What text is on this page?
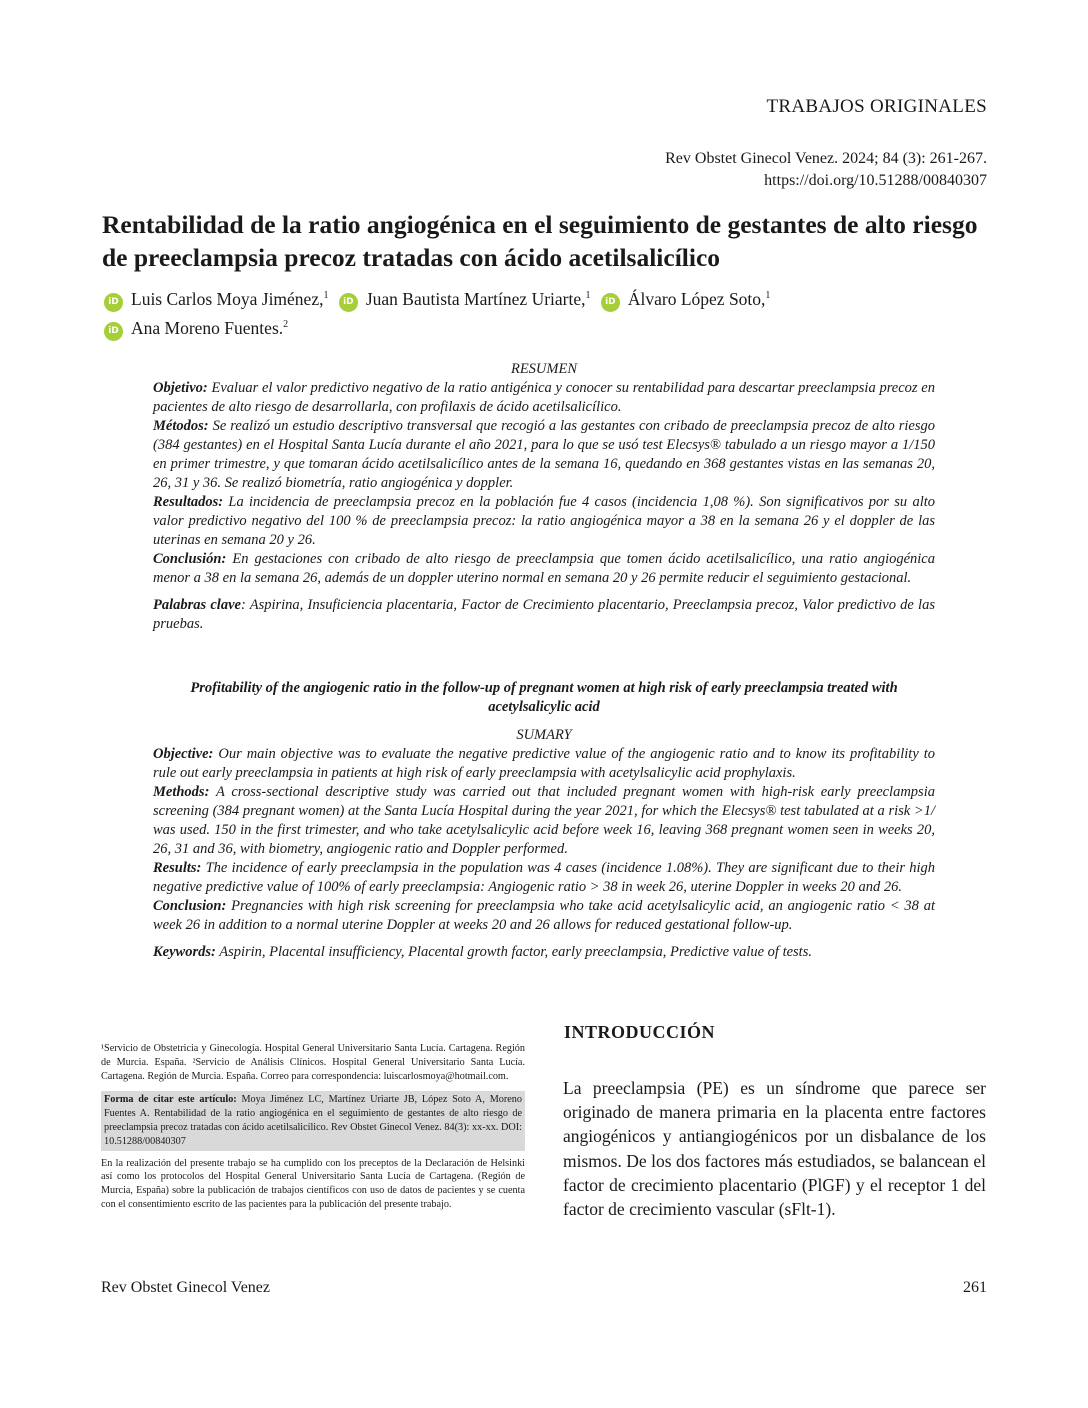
TRABAJOS ORIGINALES
Rev Obstet Ginecol Venez. 2024; 84 (3): 261-267.
https://doi.org/10.51288/00840307
Rentabilidad de la ratio angiogénica en el seguimiento de gestantes de alto riesgo de preeclampsia precoz tratadas con ácido acetilsalicílico
iD Luis Carlos Moya Jiménez,$^1$ iD Juan Bautista Martínez Uriarte,$^1$ iD Álvaro López Soto,$^1$
iD Ana Moreno Fuentes.$^2$
RESUMEN

Objetivo: Evaluar el valor predictivo negativo de la ratio antigénica y conocer su rentabilidad para descartar preeclampsia precoz en pacientes de alto riesgo de desarrollarla, con profilaxis de ácido acetilsalicílico.

Métodos: Se realizó un estudio descriptivo transversal que recogió a las gestantes con cribado de preeclampsia precoz de alto riesgo (384 gestantes) en el Hospital Santa Lucía durante el año 2021, para lo que se usó test Elecsys® tabulado a un riesgo mayor a 1/150 en primer trimestre, y que tomaran ácido acetilsalicílico antes de la semana 16, quedando en 368 gestantes vistas en las semanas 20, 26, 31 y 36. Se realizó biometría, ratio angiogénica y doppler.

Resultados: La incidencia de preeclampsia precoz en la población fue 4 casos (incidencia 1,08 %). Son significativos por su alto valor predictivo negativo del 100 % de preeclampsia precoz: la ratio angiogénica mayor a 38 en la semana 26 y el doppler de las uterinas en semana 20 y 26.

Conclusión: En gestaciones con cribado de alto riesgo de preeclampsia que tomen ácido acetilsalicílico, una ratio angiogénica menor a 38 en la semana 26, además de un doppler uterino normal en semana 20 y 26 permite reducir el seguimiento gestacional.

Palabras clave: Aspirina, Insuficiencia placentaria, Factor de Crecimiento placentario, Preeclampsia precoz, Valor predictivo de las pruebas.

Profitability of the angiogenic ratio in the follow-up of pregnant women at high risk of early preeclampsia treated with acetylsalicylic acid
SUMARY

Objective: Our main objective was to evaluate the negative predictive value of the angiogenic ratio and to know its profitability to rule out early preeclampsia in patients at high risk of early preeclampsia with acetylsalicylic acid prophylaxis.

Methods: A cross-sectional descriptive study was carried out that included pregnant women with high-risk early preeclampsia screening (384 pregnant women) at the Santa Lucía Hospital during the year 2021, for which the Elecsys® test tabulated at a risk >1/ was used. 150 in the first trimester, and who take acetylsalicylic acid before week 16, leaving 368 pregnant women seen in weeks 20, 26, 31 and 36, with biometry, angiogenic ratio and Doppler performed.

Results: The incidence of early preeclampsia in the population was 4 cases (incidence 1.08%). They are significant due to their high negative predictive value of 100% of early preeclampsia: Angiogenic ratio > 38 in week 26, uterine Doppler in weeks 20 and 26.

Conclusion: Pregnancies with high risk screening for preeclampsia who take acid acetylsalicylic acid, an angiogenic ratio < 38 at week 26 in addition to a normal uterine Doppler at weeks 20 and 26 allows for reduced gestational follow-up.

Keywords: Aspirin, Placental insufficiency, Placental growth factor, early preeclampsia, Predictive value of tests.

¹Servicio de Obstetricia y Ginecología. Hospital General Universitario Santa Lucía. Cartagena. Región de Murcia. España. ²Servicio de Análisis Clínicos. Hospital General Universitario Santa Lucía. Cartagena. Región de Murcia. España. Correo para correspondencia: luiscarlosmoya@hotmail.com.

Forma de citar este artículo: Moya Jiménez LC, Martínez Uriarte JB, López Soto A, Moreno Fuentes A. Rentabilidad de la ratio angiogénica en el seguimiento de gestantes de alto riesgo de preeclampsia precoz tratadas con ácido acetilsalicílico. Rev Obstet Ginecol Venez. 84(3): xx-xx. DOI: 10.51288/00840307

En la realización del presente trabajo se ha cumplido con los preceptos de la Declaración de Helsinki así como los protocolos del Hospital General Universitario Santa Lucía de Cartagena. (Región de Murcia, España) sobre la publicación de trabajos científicos con uso de datos de pacientes y se cuenta con el consentimiento escrito de las pacientes para la publicación del presente trabajo.

INTRODUCCIÓN
La preeclampsia (PE) es un síndrome que parece ser originado de manera primaria en la placenta entre factores angiogénicos y antiangiogénicos por un disbalance de los mismos. De los dos factores más estudiados, se balancean el factor de crecimiento placentario (PlGF) y el receptor 1 del factor de crecimiento vascular (sFlt-1).
Rev Obstet Ginecol Venez	261
